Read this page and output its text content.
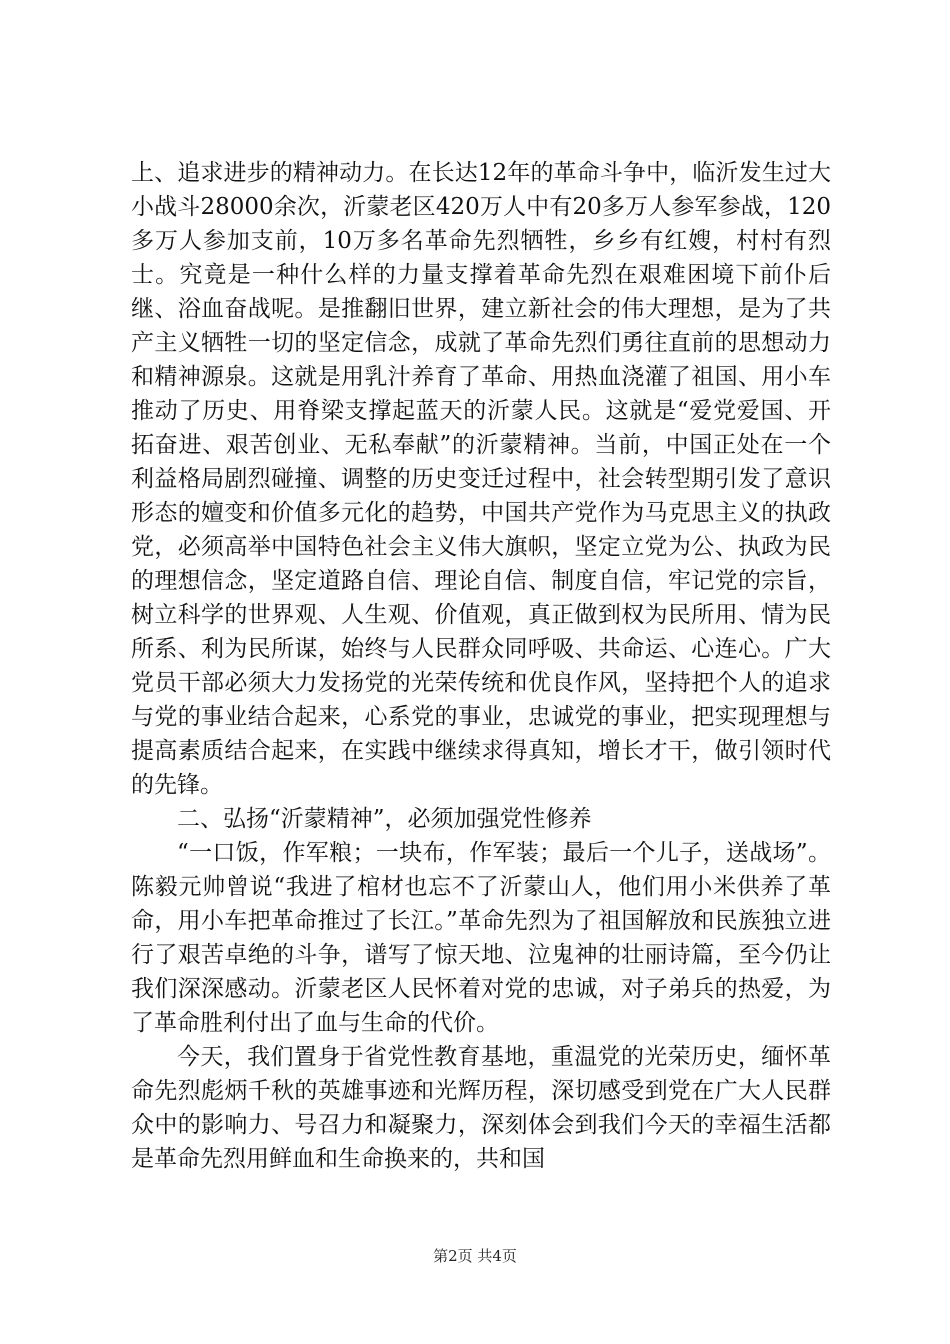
上、追求进步的精神动力。在长达12年的革命斗争中，临沂发生过大小战斗28000余次，沂蒙老区420万人中有20多万人参军参战，120多万人参加支前，10万多名革命先烈牺牲，乡乡有红嫂，村村有烈士。究竟是一种什么样的力量支撑着革命先烈在艰难困境下前仆后继、浴血奋战呢。是推翻旧世界，建立新社会的伟大理想，是为了共产主义牺牲一切的坚定信念，成就了革命先烈们勇往直前的思想动力和精神源泉。这就是用乳汁养育了革命、用热血浇灌了祖国、用小车推动了历史、用脊梁支撑起蓝天的沂蒙人民。这就是“爱党爱国、开拓奋进、艰苦创业、无私奉献”的沂蒙精神。当前，中国正处在一个利益格局剧烈碰撞、调整的历史变迁过程中，社会转型期引发了意识形态的嬗变和价值多元化的趋势，中国共产党作为马克思主义的执政党，必须高举中国特色社会主义伟大旗帜，坚定立党为公、执政为民的理想信念，坚定道路自信、理论自信、制度自信，牢记党的宗旨，树立科学的世界观、人生观、价值观，真正做到权为民所用、情为民所系、利为民所谋，始终与人民群众同呼吸、共命运、心连心。广大党员干部必须大力发扬党的光荣传统和优良作风，坚持把个人的追求与党的事业结合起来，心系党的事业，忠诚党的事业，把实现理想与提高素质结合起来，在实践中继续求得真知，增长才干，做引领时代的先锋。

二、弘扬“沂蒙精神”，必须加强党性修养

“一口饭，作军粮；一块布，作军装；最后一个儿子，送战场”。陈毅元帅曾说“我进了棺材也忘不了沂蒙山人，他们用小米供养了革命，用小车把革命推过了长江。”革命先烈为了祖国解放和民族独立进行了艰苦卓绝的斗争，谱写了惊天地、泣鬼神的壮丽诗篇，至今仍让我们深深感动。沂蒙老区人民怀着对党的忠诚，对子弟兵的热爱，为了革命胜利付出了血与生命的代价。

今天，我们置身于省党性教育基地，重温党的光荣历史，缅怀革命先烈彪炳千秋的英雄事迹和光辉历程，深切感受到党在广大人民群众中的影响力、号召力和凝聚力，深刻体会到我们今天的幸福生活都是革命先烈用鲜血和生命换来的，共和国

第2页 共4页
